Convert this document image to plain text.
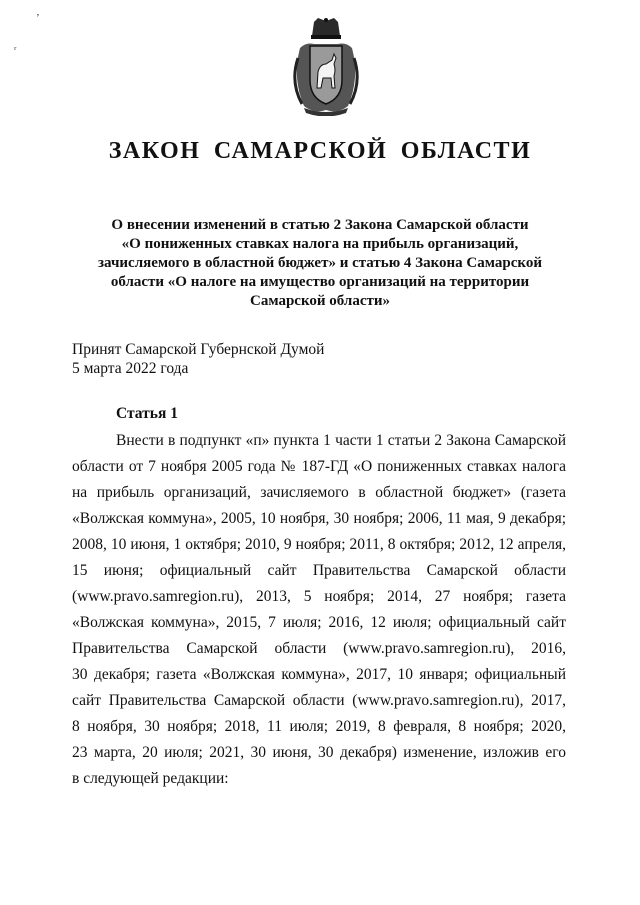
ʼ
ᵣ
ЗАКОН САМАРСКОЙ ОБЛАСТИ
О внесении изменений в статью 2 Закона Самарской области
«О пониженных ставках налога на прибыль организаций,
зачисляемого в областной бюджет» и статью 4 Закона Самарской
области «О налоге на имущество организаций на территории
Самарской области»
Принят Самарской Губернской Думой
5 марта 2022 года
Статья 1
Внести в подпункт «п» пункта 1 части 1 статьи 2 Закона Самарской
области от 7 ноября 2005 года № 187-ГД «О пониженных ставках налога
на прибыль организаций, зачисляемого в областной бюджет» (газета
«Волжская коммуна», 2005, 10 ноября, 30 ноября; 2006, 11 мая, 9 декабря;
2008, 10 июня, 1 октября; 2010, 9 ноября; 2011, 8 октября; 2012, 12 апреля,
15 июня; официальный сайт Правительства Самарской области
(www.pravo.samregion.ru), 2013, 5 ноября; 2014, 27 ноября; газета
«Волжская коммуна», 2015, 7 июля; 2016, 12 июля; официальный сайт
Правительства Самарской области (www.pravo.samregion.ru), 2016,
30 декабря; газета «Волжская коммуна», 2017, 10 января; официальный
сайт Правительства Самарской области (www.pravo.samregion.ru), 2017,
8 ноября, 30 ноября; 2018, 11 июля; 2019, 8 февраля, 8 ноября; 2020,
23 марта, 20 июля; 2021, 30 июня, 30 декабря) изменение, изложив его
в следующей редакции:
